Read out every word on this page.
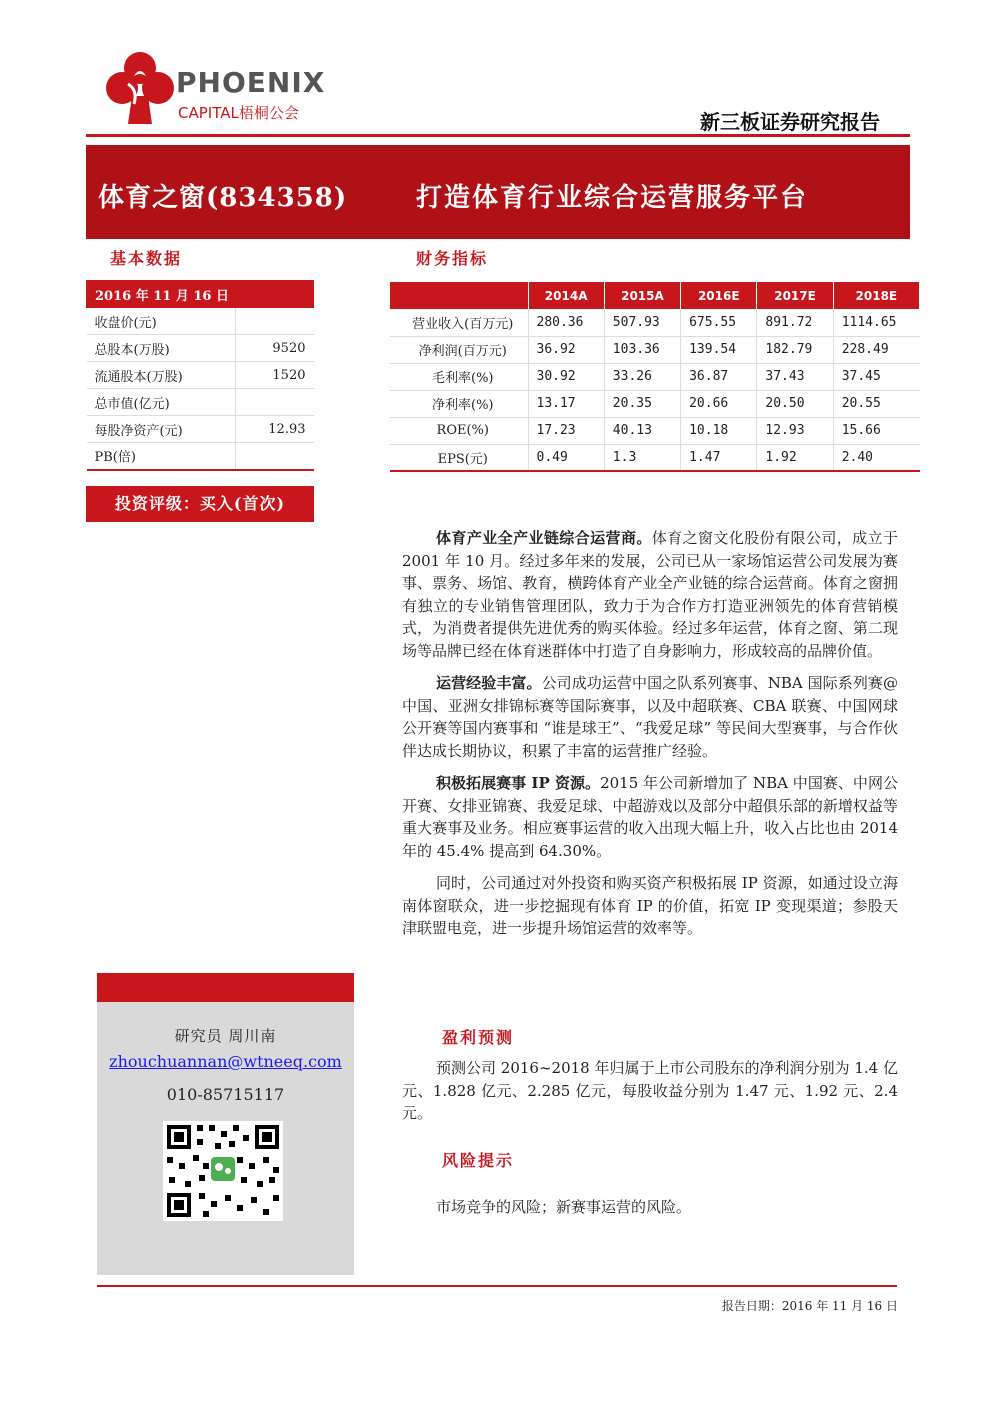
PHOENIX
CAPITAL梧桐公会	新三板证券研究报告
体育之窗(834358)	打造体育行业综合运营服务平台
基本数据	财务指标
2016 年 11 月 16 日	
收盘价(元)	
总股本(万股)	9520
流通股本(万股)	1520
总市值(亿元)	
每股净资产(元)	12.93
PB(倍)	
投资评级：买入(首次)
	2014A	2015A	2016E	2017E	2018E
营业收入(百万元)	280.36	507.93	675.55	891.72	1114.65
净利润(百万元)	36.92	103.36	139.54	182.79	228.49
毛利率(%)	30.92	33.26	36.87	37.43	37.45
净利率(%)	13.17	20.35	20.66	20.50	20.55
ROE(%)	17.23	40.13	10.18	12.93	15.66
EPS(元)	0.49	1.3	1.47	1.92	2.40

体育产业全产业链综合运营商。体育之窗文化股份有限公司，成立于 2001 年 10 月。经过多年来的发展，公司已从一家场馆运营公司发展为赛事、票务、场馆、教育，横跨体育产业全产业链的综合运营商。体育之窗拥有独立的专业销售管理团队，致力于为合作方打造亚洲领先的体育营销模式，为消费者提供先进优秀的购买体验。经过多年运营，体育之窗、第二现场等品牌已经在体育迷群体中打造了自身影响力，形成较高的品牌价值。

运营经验丰富。公司成功运营中国之队系列赛事、NBA 国际系列赛@中国、亚洲女排锦标赛等国际赛事，以及中超联赛、CBA 联赛、中国网球公开赛等国内赛事和 “谁是球王”、“我爱足球” 等民间大型赛事，与合作伙伴达成长期协议，积累了丰富的运营推广经验。

积极拓展赛事 IP 资源。2015 年公司新增加了 NBA 中国赛、中网公开赛、女排亚锦赛、我爱足球、中超游戏以及部分中超俱乐部的新增权益等重大赛事及业务。相应赛事运营的收入出现大幅上升，收入占比也由 2014 年的 45.4% 提高到 64.30%。

同时，公司通过对外投资和购买资产积极拓展 IP 资源，如通过设立海南体窗联众，进一步挖掘现有体育 IP 的价值，拓宽 IP 变现渠道；参股天津联盟电竞，进一步提升场馆运营的效率等。

研究员 周川南
zhouchuannan@wtneeq.com
010-85715117
盈利预测

预测公司 2016~2018 年归属于上市公司股东的净利润分别为 1.4 亿元、1.828 亿元、2.285 亿元，每股收益分别为 1.47 元、1.92 元、2.4 元。

风险提示

市场竞争的风险；新赛事运营的风险。

报告日期：2016 年 11 月 16 日
